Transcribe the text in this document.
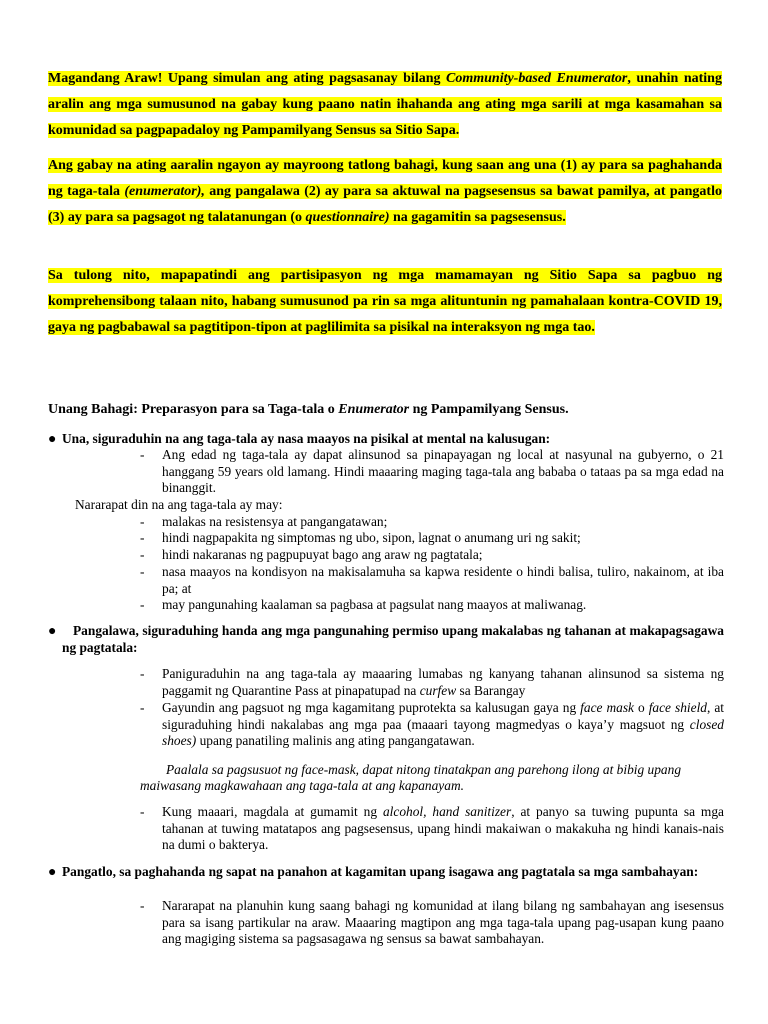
Magandang Araw! Upang simulan ang ating pagsasanay bilang Community-based Enumerator, unahin nating aralin ang mga sumusunod na gabay kung paano natin ihahanda ang ating mga sarili at mga kasamahan sa komunidad sa pagpapadaloy ng Pampamilyang Sensus sa Sitio Sapa.

Ang gabay na ating aaralin ngayon ay mayroong tatlong bahagi, kung saan ang una (1) ay para sa paghahanda ng taga-tala (enumerator), ang pangalawa (2) ay para sa aktuwal na pagsesensus sa bawat pamilya, at pangatlo (3) ay para sa pagsagot ng talatanungan (o questionnaire) na gagamitin sa pagsesensus.

Sa tulong nito, mapapatindi ang partisipasyon ng mga mamamayan ng Sitio Sapa sa pagbuo ng komprehensibong talaan nito, habang sumusunod pa rin sa mga alituntunin ng pamahalaan kontra-COVID 19, gaya ng pagbabawal sa pagtitipon-tipon at paglilimita sa pisikal na interaksyon ng mga tao.

Unang Bahagi: Preparasyon para sa Taga-tala o Enumerator ng Pampamilyang Sensus.
● Una, siguraduhin na ang taga-tala ay nasa maayos na pisikal at mental na kalusugan:
-	Ang edad ng taga-tala ay dapat alinsunod sa pinapayagan ng local at nasyunal na gubyerno, o 21 hanggang 59 years old lamang. Hindi maaaring maging taga-tala ang bababa o tataas pa sa mga edad na binanggit.
Nararapat din na ang taga-tala ay may:
-	malakas na resistensya at pangangatawan;
-	hindi nagpapakita ng simptomas ng ubo, sipon, lagnat o anumang uri ng sakit;
-	hindi nakaranas ng pagpupuyat bago ang araw ng pagtatala;
-	nasa maayos na kondisyon na makisalamuha sa kapwa residente o hindi balisa, tuliro, nakainom, at iba pa; at
-	may pangunahing kaalaman sa pagbasa at pagsulat nang maayos at maliwanag.
●	Pangalawa, siguraduhing handa ang mga pangunahing permiso upang makalabas ng tahanan at makapagsagawa ng pagtatala:
-	Paniguraduhin na ang taga-tala ay maaaring lumabas ng kanyang tahanan alinsunod sa sistema ng paggamit ng Quarantine Pass at pinapatupad na curfew sa Barangay
-	Gayundin ang pagsuot ng mga kagamitang puprotekta sa kalusugan gaya ng face mask o face shield, at siguraduhing hindi nakalabas ang mga paa (maaari tayong magmedyas o kaya’y magsuot ng closed shoes) upang panatiling malinis ang ating pangangatawan.
Paalala sa pagsusuot ng face-mask, dapat nitong tinatakpan ang parehong ilong at bibig upang maiwasang magkawahaan ang taga-tala at ang kapanayam.
-	Kung maaari, magdala at gumamit ng alcohol, hand sanitizer, at panyo sa tuwing pupunta sa mga tahanan at tuwing matatapos ang pagsesensus, upang hindi makaiwan o makakuha ng hindi kanais-nais na dumi o bakterya.
● Pangatlo, sa paghahanda ng sapat na panahon at kagamitan upang isagawa ang pagtatala sa mga sambahayan:
-	Nararapat na planuhin kung saang bahagi ng komunidad at ilang bilang ng sambahayan ang isesensus para sa isang partikular na araw. Maaaring magtipon ang mga taga-tala upang pag-usapan kung paano ang magiging sistema sa pagsasagawa ng sensus sa bawat sambahayan.
